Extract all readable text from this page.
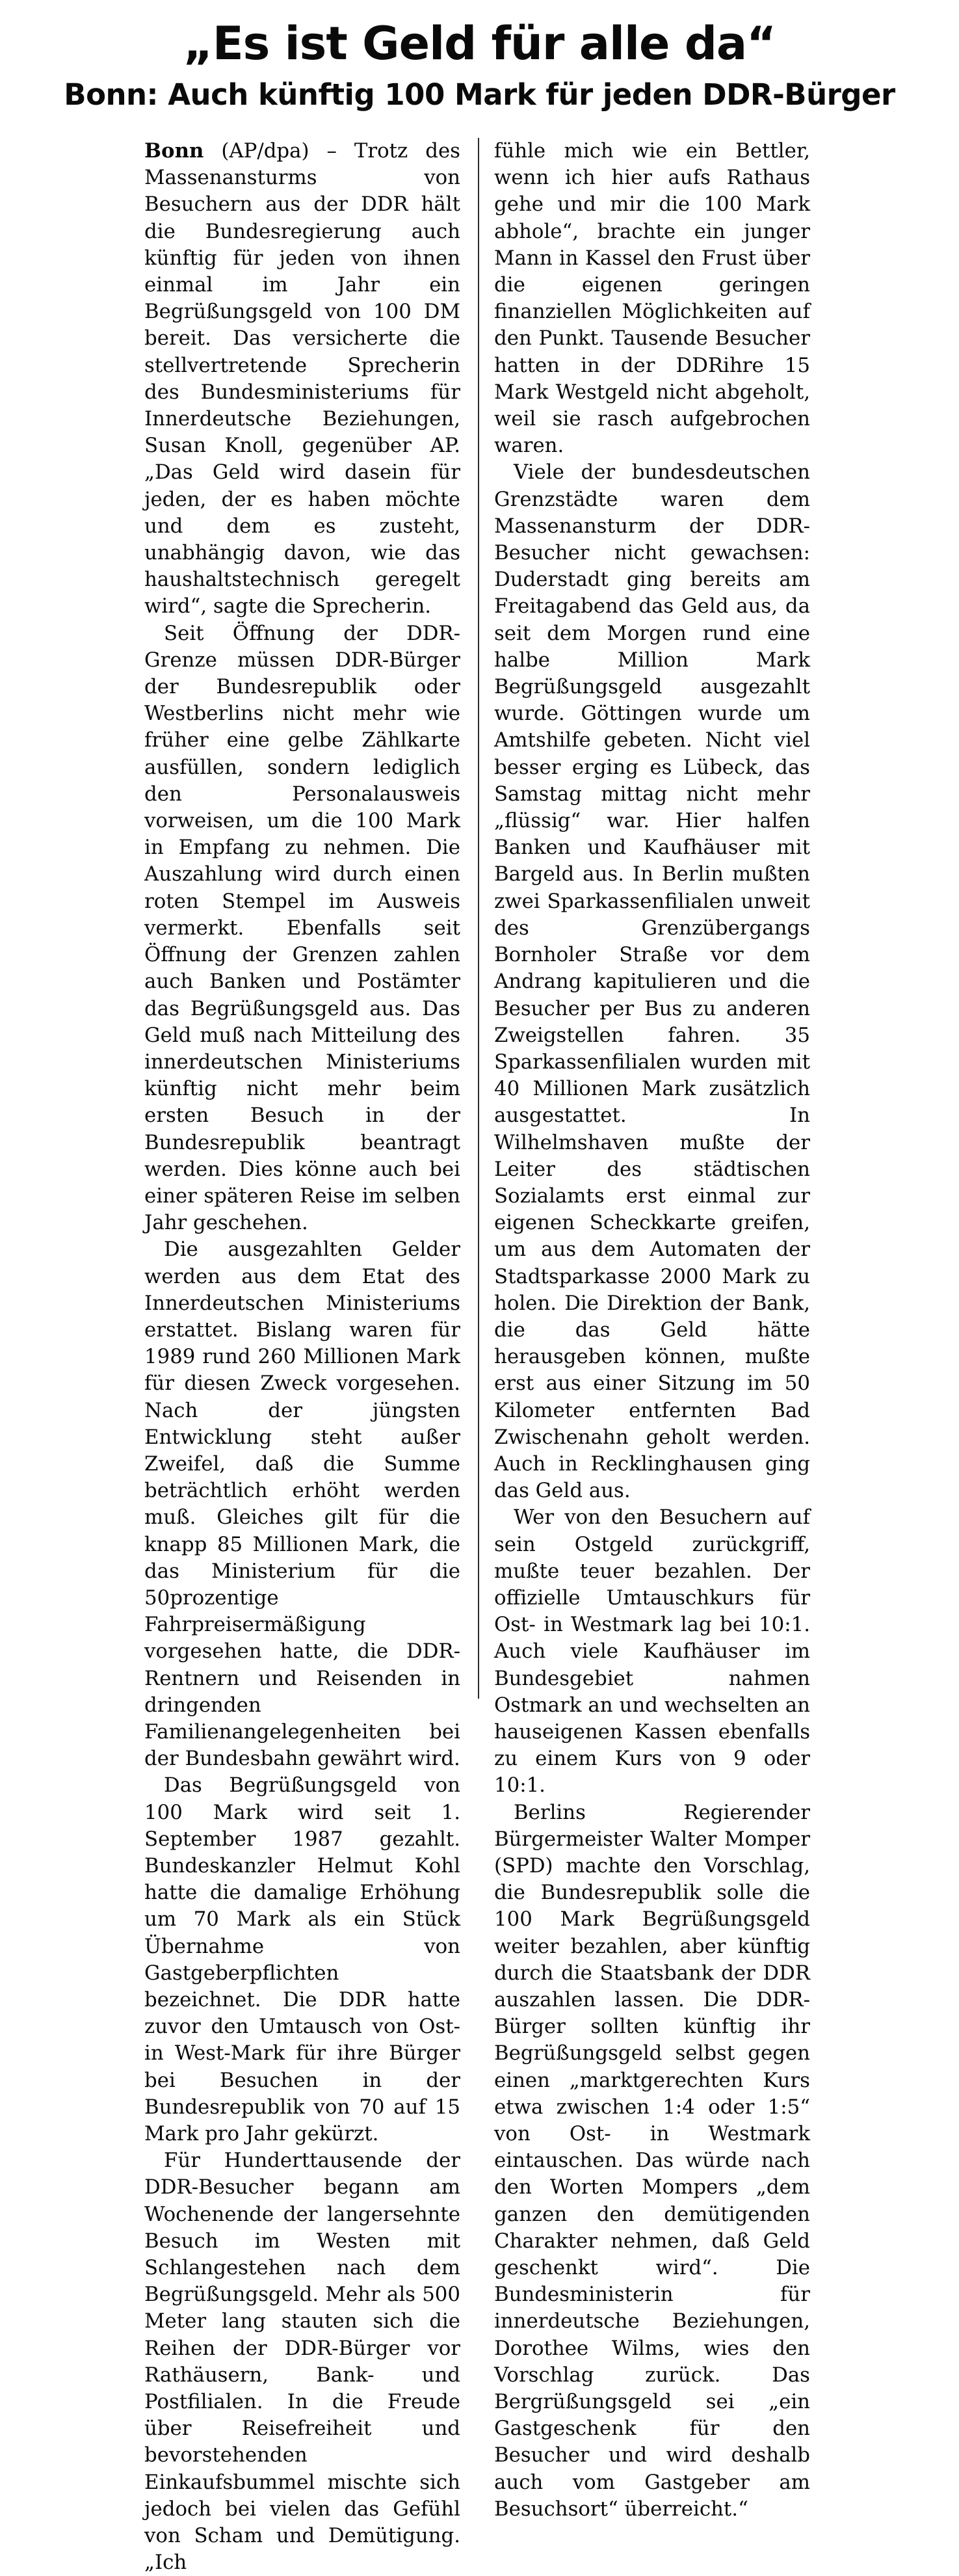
„Es ist Geld für alle da“
Bonn: Auch künftig 100 Mark für jeden DDR-Bürger

Bonn (AP/dpa) – Trotz des Massenansturms von Besuchern aus der DDR hält die Bundesregierung auch künftig für jeden von ihnen einmal im Jahr ein Begrüßungsgeld von 100 DM bereit. Das versicherte die stellvertretende Sprecherin des Bundesministeriums für Innerdeutsche Beziehungen, Susan Knoll, gegenüber AP. „Das Geld wird dasein für jeden, der es haben möchte und dem es zusteht, unabhängig davon, wie das haushaltstechnisch geregelt wird“, sagte die Sprecherin.

Seit Öffnung der DDR-Grenze müssen DDR-Bürger der Bundesrepublik oder Westberlins nicht mehr wie früher eine gelbe Zählkarte ausfüllen, sondern lediglich den Personalausweis vorweisen, um die 100 Mark in Empfang zu nehmen. Die Auszahlung wird durch einen roten Stempel im Ausweis vermerkt. Ebenfalls seit Öffnung der Grenzen zahlen auch Banken und Postämter das Begrüßungsgeld aus. Das Geld muß nach Mitteilung des innerdeutschen Ministeriums künftig nicht mehr beim ersten Besuch in der Bundesrepublik beantragt werden. Dies könne auch bei einer späteren Reise im selben Jahr geschehen.

Die ausgezahlten Gelder werden aus dem Etat des Innerdeutschen Ministeriums erstattet. Bislang waren für 1989 rund 260 Millionen Mark für diesen Zweck vorgesehen. Nach der jüngsten Entwicklung steht außer Zweifel, daß die Summe beträchtlich erhöht werden muß. Gleiches gilt für die knapp 85 Millionen Mark, die das Ministerium für die 50prozentige Fahrpreisermäßigung vorgesehen hatte, die DDR-Rentnern und Reisenden in dringenden Familienangelegenheiten bei der Bundesbahn gewährt wird.

Das Begrüßungsgeld von 100 Mark wird seit 1. September 1987 gezahlt. Bundeskanzler Helmut Kohl hatte die damalige Erhöhung um 70 Mark als ein Stück Übernahme von Gastgeberpflichten bezeichnet. Die DDR hatte zuvor den Umtausch von Ost- in West-Mark für ihre Bürger bei Besuchen in der Bundesrepublik von 70 auf 15 Mark pro Jahr gekürzt.

Für Hunderttausende der DDR-Besucher begann am Wochenende der langersehnte Besuch im Westen mit Schlangestehen nach dem Begrüßungsgeld. Mehr als 500 Meter lang stauten sich die Reihen der DDR-Bürger vor Rathäusern, Bank- und Postfilialen. In die Freude über Reisefreiheit und bevorstehenden Einkaufsbummel mischte sich jedoch bei vielen das Gefühl von Scham und Demütigung. „Ich

fühle mich wie ein Bettler, wenn ich hier aufs Rathaus gehe und mir die 100 Mark abhole“, brachte ein junger Mann in Kassel den Frust über die eigenen geringen finanziellen Möglichkeiten auf den Punkt. Tausende Besucher hatten in der DDRihre 15 Mark Westgeld nicht abgeholt, weil sie rasch aufgebrochen waren.

Viele der bundesdeutschen Grenzstädte waren dem Massenansturm der DDR-Besucher nicht gewachsen: Duderstadt ging bereits am Freitagabend das Geld aus, da seit dem Morgen rund eine halbe Million Mark Begrüßungsgeld ausgezahlt wurde. Göttingen wurde um Amtshilfe gebeten. Nicht viel besser erging es Lübeck, das Samstag mittag nicht mehr „flüssig“ war. Hier halfen Banken und Kaufhäuser mit Bargeld aus. In Berlin mußten zwei Sparkassenfilialen unweit des Grenzübergangs Bornholer Straße vor dem Andrang kapitulieren und die Besucher per Bus zu anderen Zweigstellen fahren. 35 Sparkassenfilialen wurden mit 40 Millionen Mark zusätzlich ausgestattet. In Wilhelmshaven mußte der Leiter des städtischen Sozialamts erst einmal zur eigenen Scheckkarte greifen, um aus dem Automaten der Stadtsparkasse 2000 Mark zu holen. Die Direktion der Bank, die das Geld hätte herausgeben können, mußte erst aus einer Sitzung im 50 Kilometer entfernten Bad Zwischenahn geholt werden. Auch in Recklinghausen ging das Geld aus.

Wer von den Besuchern auf sein Ostgeld zurückgriff, mußte teuer bezahlen. Der offizielle Umtauschkurs für Ost- in Westmark lag bei 10:1. Auch viele Kaufhäuser im Bundesgebiet nahmen Ostmark an und wechselten an hauseigenen Kassen ebenfalls zu einem Kurs von 9 oder 10:1.

Berlins Regierender Bürgermeister Walter Momper (SPD) machte den Vorschlag, die Bundesrepublik solle die 100 Mark Begrüßungsgeld weiter bezahlen, aber künftig durch die Staatsbank der DDR auszahlen lassen. Die DDR-Bürger sollten künftig ihr Begrüßungsgeld selbst gegen einen „marktgerechten Kurs etwa zwischen 1:4 oder 1:5“ von Ost- in Westmark eintauschen. Das würde nach den Worten Mompers „dem ganzen den demütigenden Charakter nehmen, daß Geld geschenkt wird“. Die Bundesministerin für innerdeutsche Beziehungen, Dorothee Wilms, wies den Vorschlag zurück. Das Bergrüßungsgeld sei „ein Gastgeschenk für den Besucher und wird deshalb auch vom Gastgeber am Besuchsort“ überreicht.“
